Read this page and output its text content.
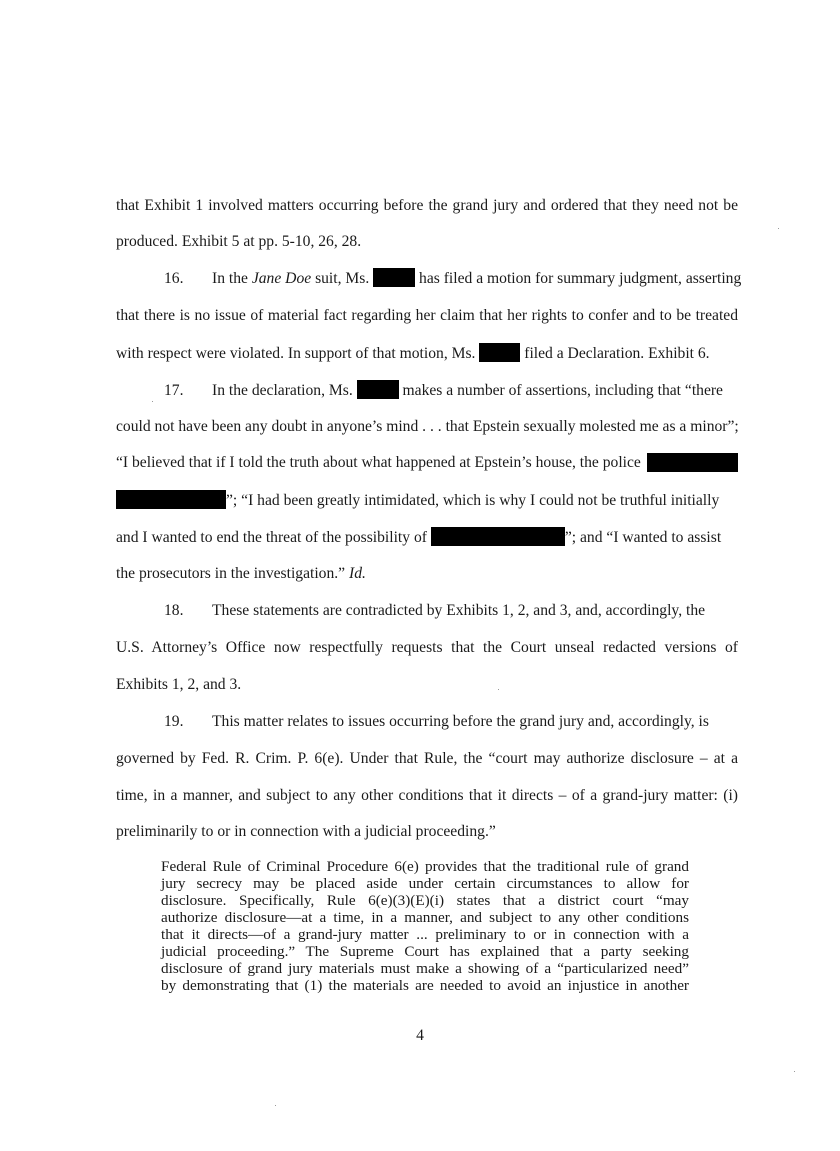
that Exhibit 1 involved matters occurring before the grand jury and ordered that they need not be
produced. Exhibit 5 at pp. 5-10, 26, 28.
16. In the Jane Doe suit, Ms.	has filed a motion for summary judgment, asserting
that there is no issue of material fact regarding her claim that her rights to confer and to be treated
with respect were violated. In support of that motion, Ms.	filed a Declaration. Exhibit 6.
17. In the declaration, Ms.	makes a number of assertions, including that “there
could not have been any doubt in anyone’s mind . . . that Epstein sexually molested me as a minor”;
“I believed that if I told the truth about what happened at Epstein’s house, the police
”; “I had been greatly intimidated, which is why I could not be truthful initially
and I wanted to end the threat of the possibility of	”; and “I wanted to assist
the prosecutors in the investigation.” Id.
18. These statements are contradicted by Exhibits 1, 2, and 3, and, accordingly, the
U.S. Attorney’s Office now respectfully requests that the Court unseal redacted versions of
Exhibits 1, 2, and 3.
19. This matter relates to issues occurring before the grand jury and, accordingly, is
governed by Fed. R. Crim. P. 6(e). Under that Rule, the “court may authorize disclosure – at a
time, in a manner, and subject to any other conditions that it directs – of a grand-jury matter: (i)
preliminarily to or in connection with a judicial proceeding.”
Federal Rule of Criminal Procedure 6(e) provides that the traditional rule of grand
jury secrecy may be placed aside under certain circumstances to allow for
disclosure. Specifically, Rule 6(e)(3)(E)(i) states that a district court “may
authorize disclosure—at a time, in a manner, and subject to any other conditions
that it directs—of a grand-jury matter ... preliminary to or in connection with a
judicial proceeding.” The Supreme Court has explained that a party seeking
disclosure of grand jury materials must make a showing of a “particularized need”
by demonstrating that (1) the materials are needed to avoid an injustice in another
4
